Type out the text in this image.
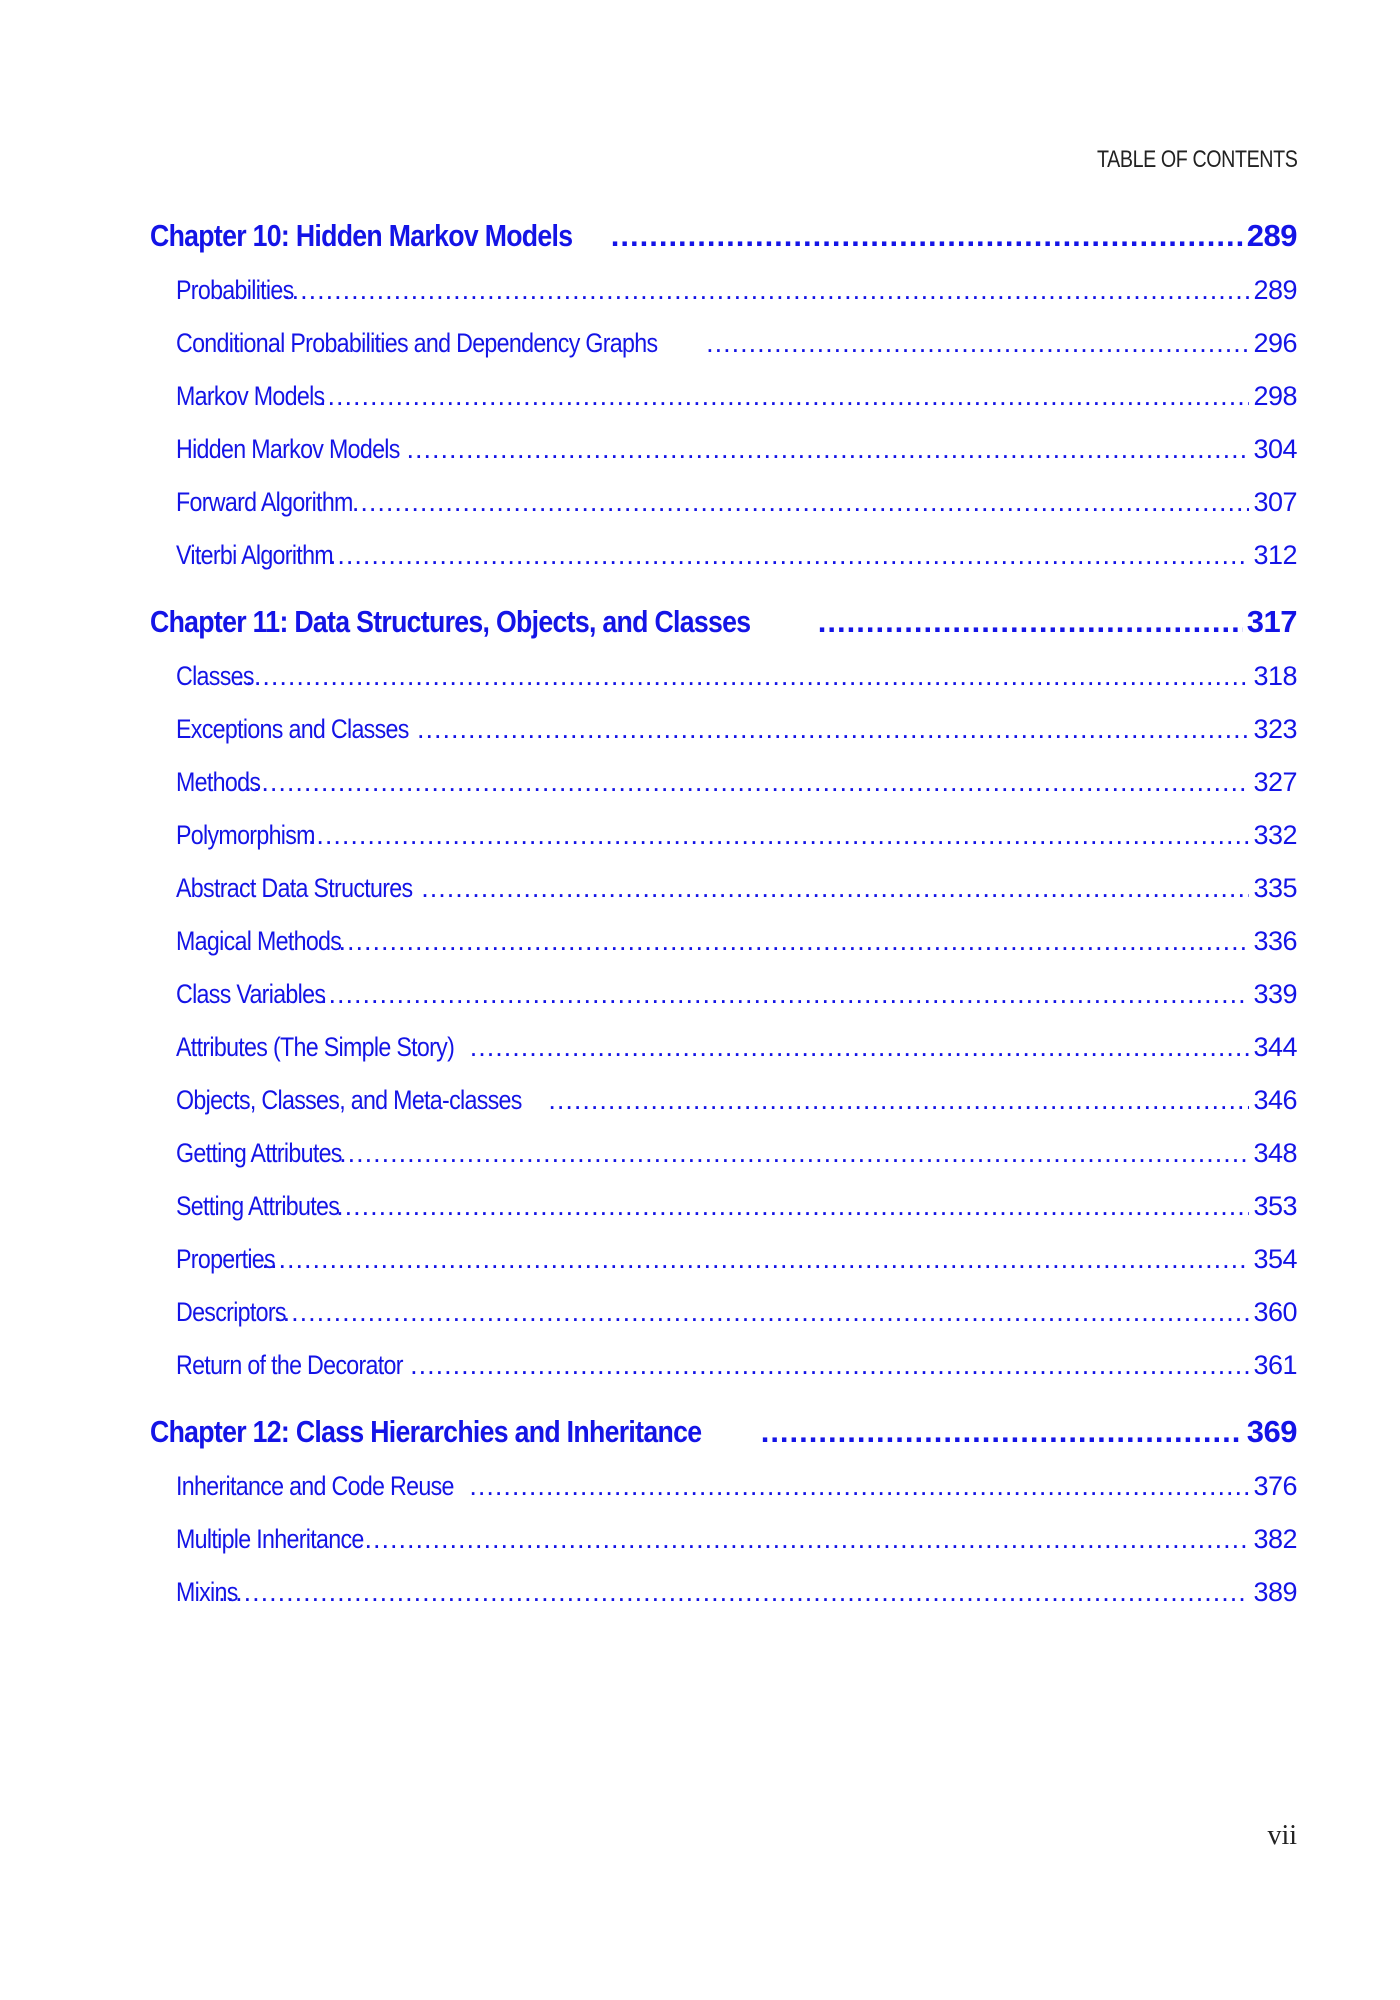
TABLE OF CONTENTS
Chapter 10: Hidden Markov Models .....	289
Probabilities .....	289
Conditional Probabilities and Dependency Graphs .....	296
Markov Models .....	298
Hidden Markov Models .....	304
Forward Algorithm .....	307
Viterbi Algorithm .....	312
Chapter 11: Data Structures, Objects, and Classes .....	317
Classes .....	318
Exceptions and Classes .....	323
Methods .....	327
Polymorphism .....	332
Abstract Data Structures .....	335
Magical Methods .....	336
Class Variables .....	339
Attributes (The Simple Story) .....	344
Objects, Classes, and Meta-classes .....	346
Getting Attributes .....	348
Setting Attributes .....	353
Properties .....	354
Descriptors .....	360
Return of the Decorator .....	361
Chapter 12: Class Hierarchies and Inheritance .....	369
Inheritance and Code Reuse .....	376
Multiple Inheritance .....	382
Mixins .....	389
vii
